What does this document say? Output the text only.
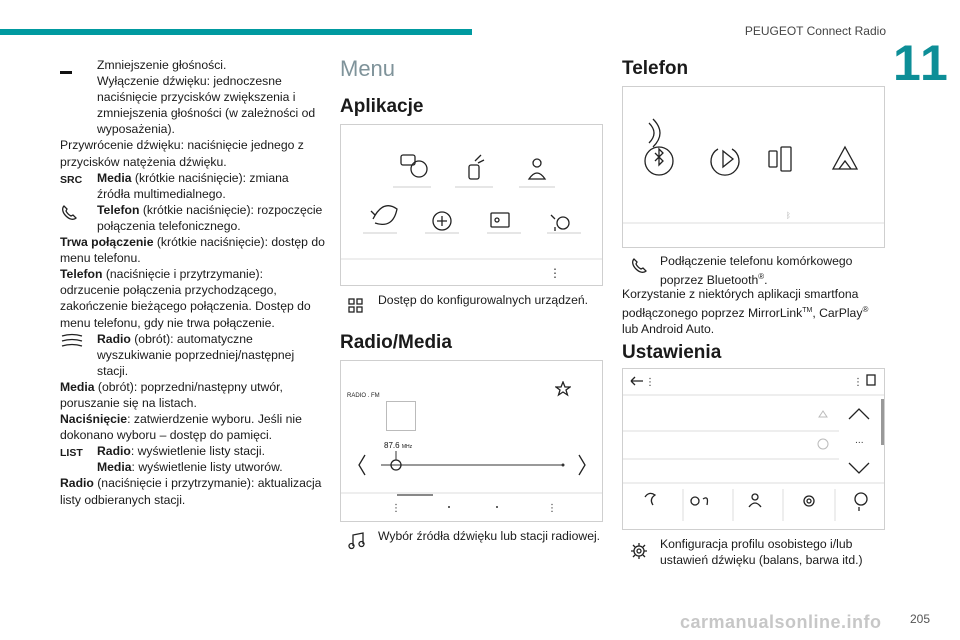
PEUGEOT Connect Radio
11

Zmniejszenie głośności.

Wyłączenie dźwięku: jednoczesne naciśnięcie przycisków zwiększenia i zmniejszenia głośności (w zależności od wyposażenia).

Przywrócenie dźwięku: naciśnięcie jednego z przycisków natężenia dźwięku.

SRC	Media (krótkie naciśnięcie): zmiana źródła multimedialnego.

Telefon (krótkie naciśnięcie): rozpoczęcie połączenia telefonicznego.

Trwa połączenie (krótkie naciśnięcie): dostęp do menu telefonu.

Telefon (naciśnięcie i przytrzymanie): odrzucenie połączenia przychodzącego, zakończenie bieżącego połączenia. Dostęp do menu telefonu, gdy nie trwa połączenie.

Radio (obrót): automatyczne wyszukiwanie poprzedniej/następnej stacji.

Media (obrót): poprzedni/następny utwór, poruszanie się na listach.

Naciśnięcie: zatwierdzenie wyboru. Jeśli nie dokonano wyboru – dostęp do pamięci.

LIST	Radio: wyświetlenie listy stacji.
Media: wyświetlenie listy utworów.

Radio (naciśnięcie i przytrzymanie): aktualizacja listy odbieranych stacji.

Menu
Aplikacje
⋮
Dostęp do konfigurowalnych urządzeń.
Radio/Media
RADIO . FM
87.6 MHz
⋮	⋮
Wybór źródła dźwięku lub stacji radiowej.
Telefon
ᛒ
Podłączenie telefonu komórkowego poprzez Bluetooth®.
Korzystanie z niektórych aplikacji smartfona podłączonego poprzez MirrorLink™, CarPlay® lub Android Auto.
Ustawienia
⋮	⋮
...
Konfiguracja profilu osobistego i/lub ustawień dźwięku (balans, barwa itd.)
carmanualsonline.info 205
